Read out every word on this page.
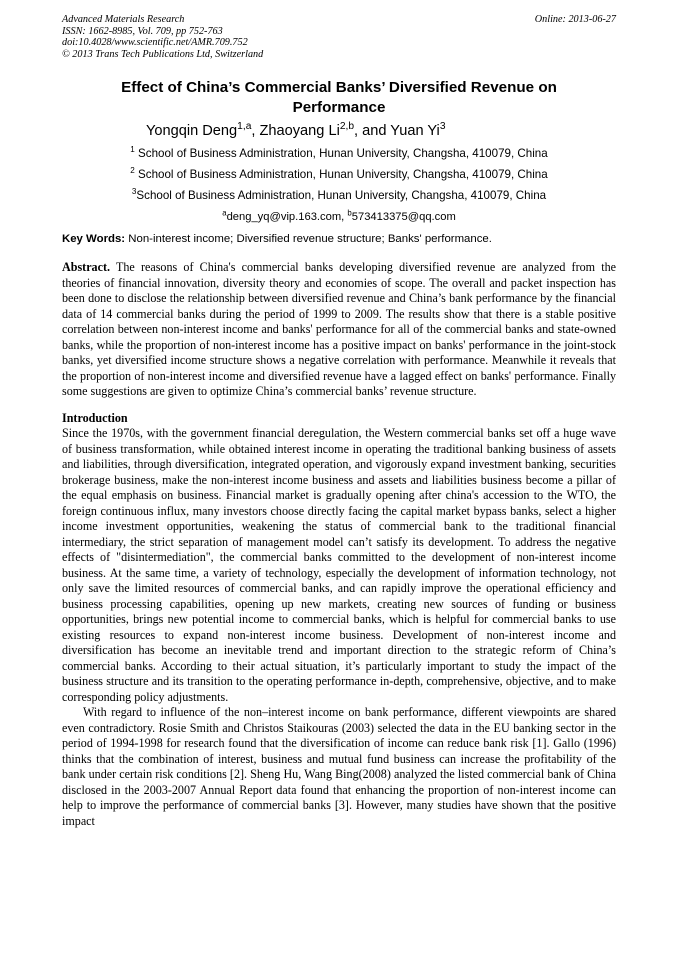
Advanced Materials Research	Online: 2013-06-27
ISSN: 1662-8985, Vol. 709, pp 752-763
doi:10.4028/www.scientific.net/AMR.709.752
© 2013 Trans Tech Publications Ltd, Switzerland
Effect of China’s Commercial Banks’ Diversified Revenue on Performance
Yongqin Deng$^{1,a}$, Zhaoyang Li$^{2,b}$, and Yuan Yi$^3$
$^1$ School of Business Administration, Hunan University, Changsha, 410079, China
$^2$ School of Business Administration, Hunan University, Changsha, 410079, China
$^3$School of Business Administration, Hunan University, Changsha, 410079, China
$^a$deng_yq@vip.163.com, $^b$573413375@qq.com
Key Words: Non-interest income; Diversified revenue structure; Banks' performance.

Abstract. The reasons of China's commercial banks developing diversified revenue are analyzed from the theories of financial innovation, diversity theory and economies of scope. The overall and packet inspection has been done to disclose the relationship between diversified revenue and China’s bank performance by the financial data of 14 commercial banks during the period of 1999 to 2009. The results show that there is a stable positive correlation between non-interest income and banks' performance for all of the commercial banks and state-owned banks, while the proportion of non-interest income has a positive impact on banks' performance in the joint-stock banks, yet diversified income structure shows a negative correlation with performance. Meanwhile it reveals that the proportion of non-interest income and diversified revenue have a lagged effect on banks' performance. Finally some suggestions are given to optimize China’s commercial banks’ revenue structure.

Introduction

Since the 1970s, with the government financial deregulation, the Western commercial banks set off a huge wave of business transformation, while obtained interest income in operating the traditional banking business of assets and liabilities, through diversification, integrated operation, and vigorously expand investment banking, securities brokerage business, make the non-interest income business and assets and liabilities business become a pillar of the equal emphasis on business. Financial market is gradually opening after china's accession to the WTO, the foreign continuous influx, many investors choose directly facing the capital market bypass banks, select a higher income investment opportunities, weakening the status of commercial bank to the traditional financial intermediary, the strict separation of management model can’t satisfy its development. To address the negative effects of "disintermediation", the commercial banks committed to the development of non-interest income business. At the same time, a variety of technology, especially the development of information technology, not only save the limited resources of commercial banks, and can rapidly improve the operational efficiency and business processing capabilities, opening up new markets, creating new sources of funding or business opportunities, brings new potential income to commercial banks, which is helpful for commercial banks to use existing resources to expand non-interest income business. Development of non-interest income and diversification has become an inevitable trend and important direction to the strategic reform of China’s commercial banks. According to their actual situation, it’s particularly important to study the impact of the business structure and its transition to the operating performance in-depth, comprehensive, objective, and to make corresponding policy adjustments.

With regard to influence of the non–interest income on bank performance, different viewpoints are shared even contradictory. Rosie Smith and Christos Staikouras (2003) selected the data in the EU banking sector in the period of 1994-1998 for research found that the diversification of income can reduce bank risk [1]. Gallo (1996) thinks that the combination of interest, business and mutual fund business can increase the profitability of the bank under certain risk conditions [2]. Sheng Hu, Wang Bing(2008) analyzed the listed commercial bank of China disclosed in the 2003-2007 Annual Report data found that enhancing the proportion of non-interest income can help to improve the performance of commercial banks [3]. However, many studies have shown that the positive impact
